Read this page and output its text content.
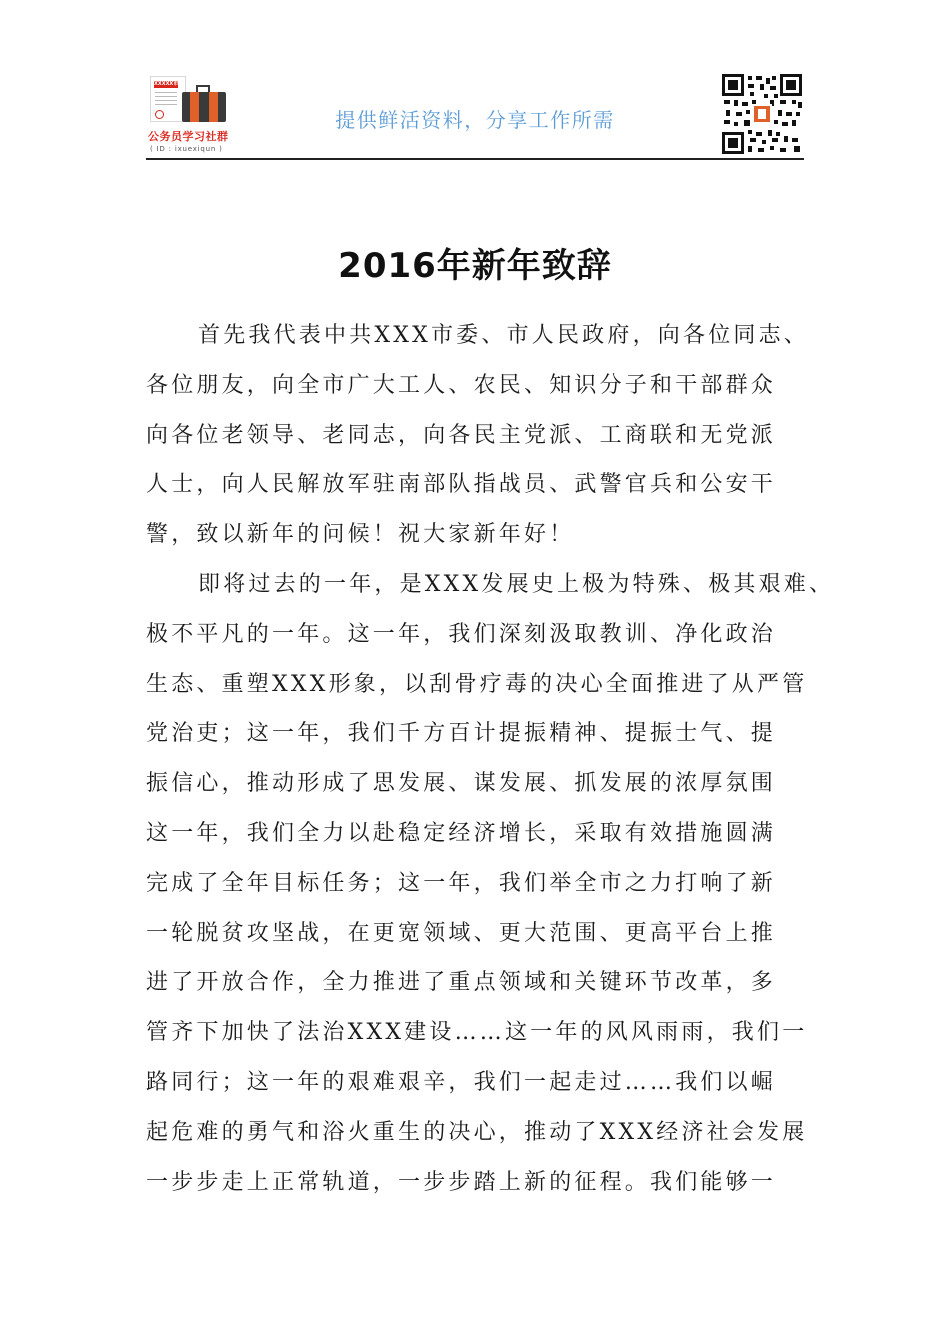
XXXXX市委
公务员学习社群
( ID : ixuexiqun )
提供鲜活资料，分享工作所需
2016年新年致辞
首先我代表中共XXX市委、市人民政府，向各位同志、
各位朋友，向全市广大工人、农民、知识分子和干部群众
向各位老领导、老同志，向各民主党派、工商联和无党派
人士，向人民解放军驻南部队指战员、武警官兵和公安干
警，致以新年的问候！祝大家新年好！
即将过去的一年，是XXX发展史上极为特殊、极其艰难、
极不平凡的一年。这一年，我们深刻汲取教训、净化政治
生态、重塑XXX形象，以刮骨疗毒的决心全面推进了从严管
党治吏；这一年，我们千方百计提振精神、提振士气、提
振信心，推动形成了思发展、谋发展、抓发展的浓厚氛围
这一年，我们全力以赴稳定经济增长，采取有效措施圆满
完成了全年目标任务；这一年，我们举全市之力打响了新
一轮脱贫攻坚战，在更宽领域、更大范围、更高平台上推
进了开放合作，全力推进了重点领域和关键环节改革，多
管齐下加快了法治XXX建设……这一年的风风雨雨，我们一
路同行；这一年的艰难艰辛，我们一起走过……我们以崛
起危难的勇气和浴火重生的决心，推动了XXX经济社会发展
一步步走上正常轨道，一步步踏上新的征程。我们能够一
